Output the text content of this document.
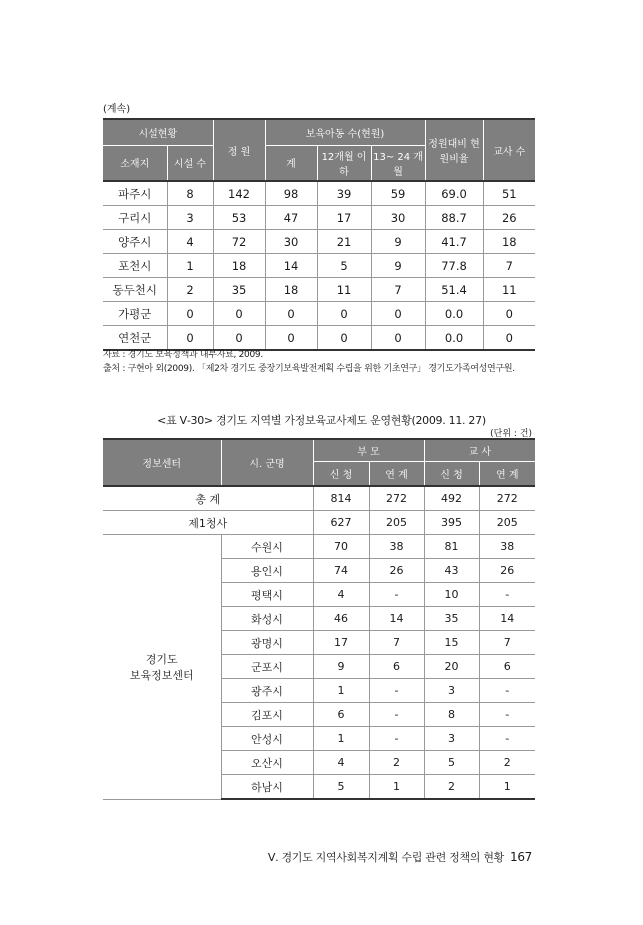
(계속)
시설현황		정 원	보육아동 수(현원)			정원대비 현원비율	교사 수
소재지	시설 수		계	12개월 이하	13~ 24 개월		
파주시	8	142	98	39	59	69.0	51
구리시	3	53	47	17	30	88.7	26
양주시	4	72	30	21	9	41.7	18
포천시	1	18	14	5	9	77.8	7
동두천시	2	35	18	11	7	51.4	11
가평군	0	0	0	0	0	0.0	0
연천군	0	0	0	0	0	0.0	0
자료 : 경기도 보육정책과 내부자료, 2009.
출처 : 구현아 외(2009). 「제2차 경기도 중장기보육발전계획 수립을 위한 기초연구」 경기도가족여성연구원.
<표 Ⅴ-30> 경기도 지역별 가정보육교사제도 운영현황(2009. 11. 27)
(단위 : 건)
정보센터	시. 군명	부 모		교 사	
		신 청	연 계	신 청	연 계
총 계		814	272	492	272
제1청사		627	205	395	205

경기도
보육정보센터	수원시	70	38	81	38
	용인시	74	26	43	26
	평택시	4	-	10	-
	화성시	46	14	35	14
	광명시	17	7	15	7
	군포시	9	6	20	6
	광주시	1	-	3	-
	김포시	6	-	8	-
	안성시	1	-	3	-
	오산시	4	2	5	2
	하남시	5	1	2	1
Ⅴ. 경기도 지역사회복지계획 수립 관련 정책의 현황 167
